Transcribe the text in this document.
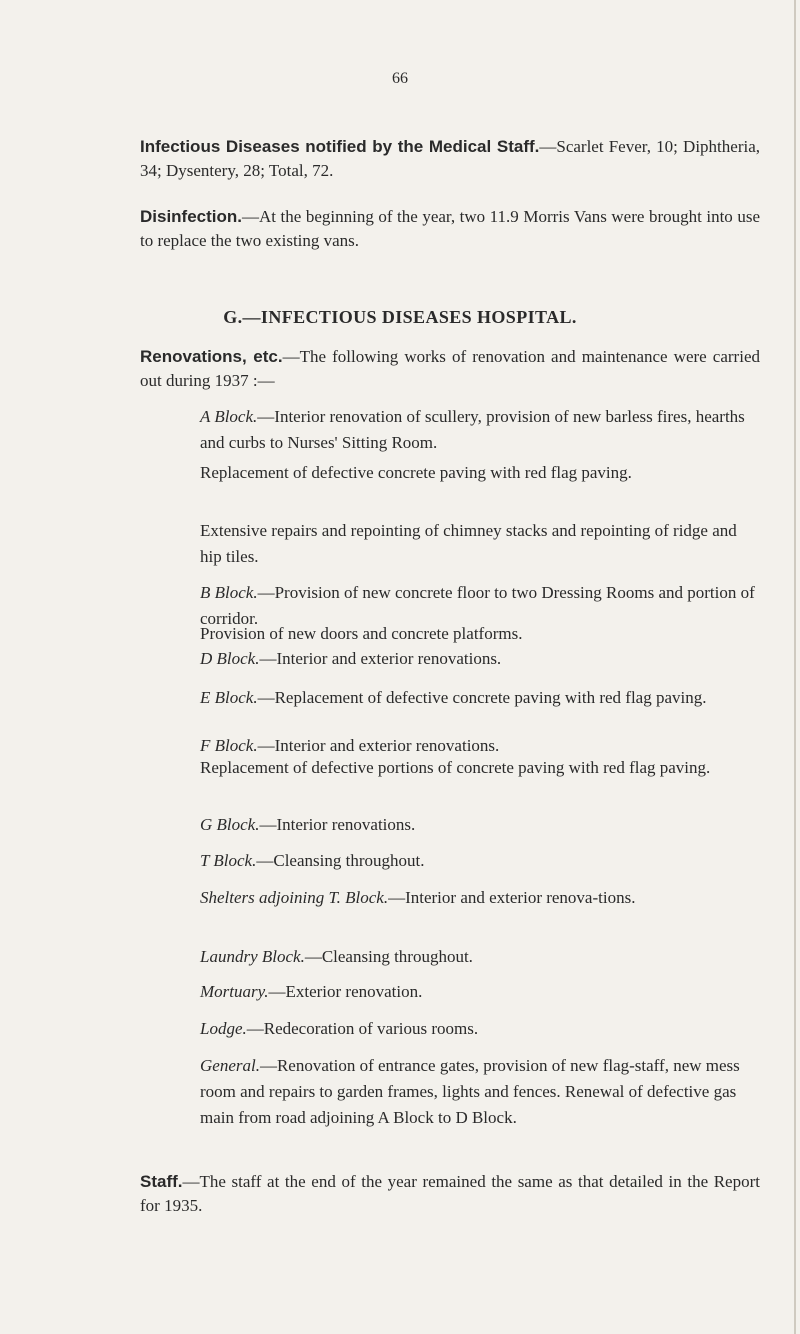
66

Infectious Diseases notified by the Medical Staff.—Scarlet Fever, 10; Diphtheria, 34; Dysentery, 28; Total, 72.

Disinfection.—At the beginning of the year, two 11.9 Morris Vans were brought into use to replace the two existing vans.

G.—INFECTIOUS DISEASES HOSPITAL.

Renovations, etc.—The following works of renovation and maintenance were carried out during 1937 :—

A Block.—Interior renovation of scullery, provision of new barless fires, hearths and curbs to Nurses' Sitting Room.

Replacement of defective concrete paving with red flag paving.

Extensive repairs and repointing of chimney stacks and repointing of ridge and hip tiles.

B Block.—Provision of new concrete floor to two Dressing Rooms and portion of corridor.

Provision of new doors and concrete platforms.

D Block.—Interior and exterior renovations.

E Block.—Replacement of defective concrete paving with red flag paving.

F Block.—Interior and exterior renovations.

Replacement of defective portions of concrete paving with red flag paving.

G Block.—Interior renovations.

T Block.—Cleansing throughout.

Shelters adjoining T. Block.—Interior and exterior renova-tions.

Laundry Block.—Cleansing throughout.

Mortuary.—Exterior renovation.

Lodge.—Redecoration of various rooms.

General.—Renovation of entrance gates, provision of new flag-staff, new mess room and repairs to garden frames, lights and fences. Renewal of defective gas main from road adjoining A Block to D Block.

Staff.—The staff at the end of the year remained the same as that detailed in the Report for 1935.
